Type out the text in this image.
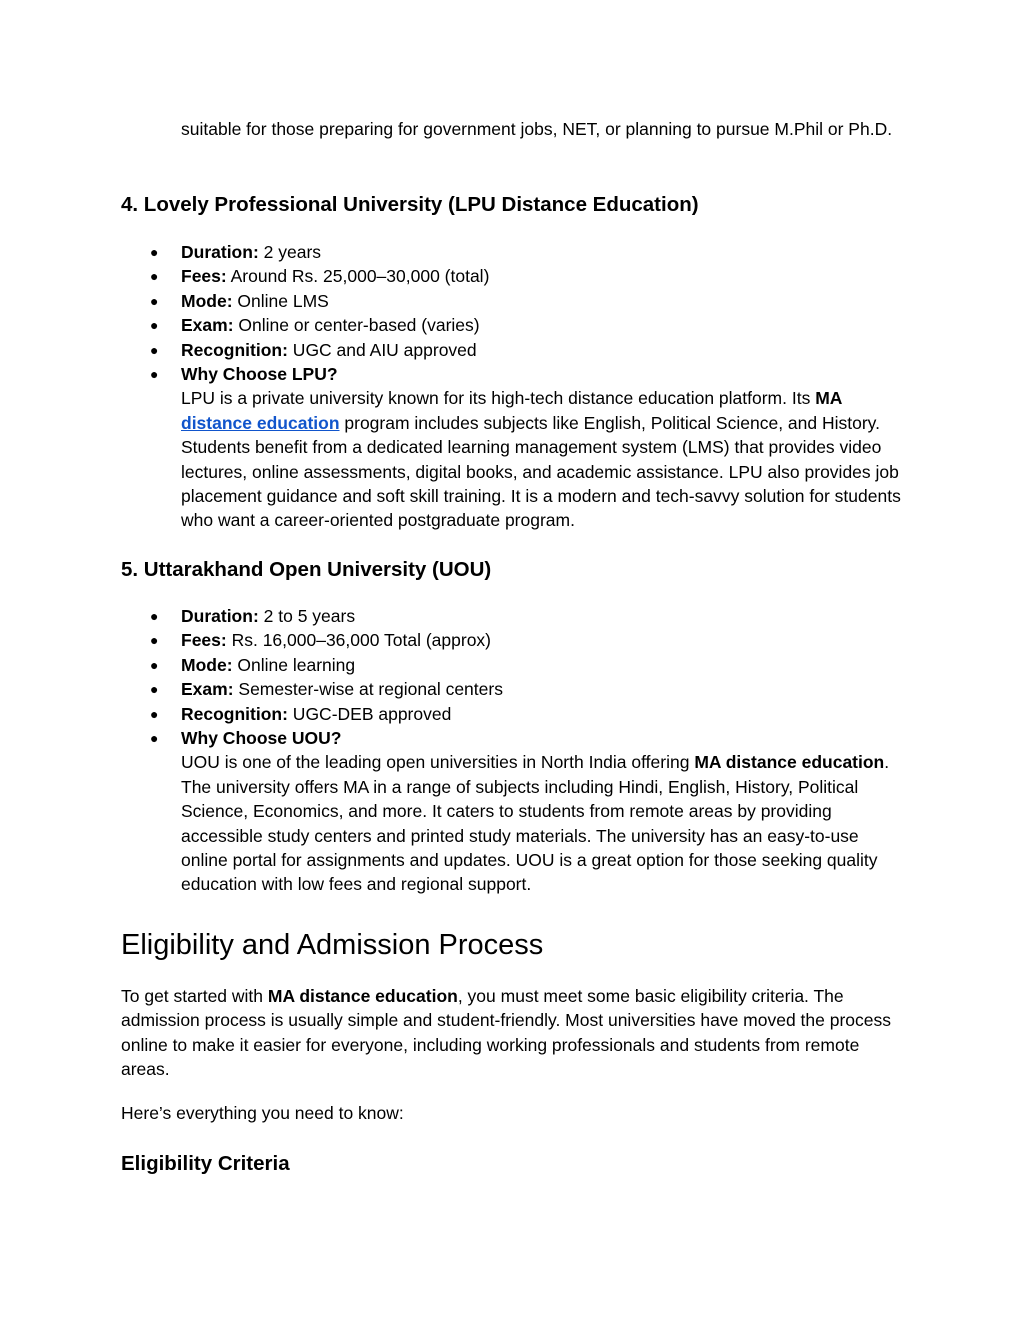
suitable for those preparing for government jobs, NET, or planning to pursue M.Phil or Ph.D.

4. Lovely Professional University (LPU Distance Education)
● Duration: 2 years
● Fees: Around Rs. 25,000–30,000 (total)
● Mode: Online LMS
● Exam: Online or center-based (varies)
● Recognition: UGC and AIU approved
● Why Choose LPU?
LPU is a private university known for its high-tech distance education platform. Its MA distance education program includes subjects like English, Political Science, and History. Students benefit from a dedicated learning management system (LMS) that provides video lectures, online assessments, digital books, and academic assistance. LPU also provides job placement guidance and soft skill training. It is a modern and tech-savvy solution for students who want a career-oriented postgraduate program.
5. Uttarakhand Open University (UOU)
● Duration: 2 to 5 years
● Fees: Rs. 16,000–36,000 Total (approx)
● Mode: Online learning
● Exam: Semester-wise at regional centers
● Recognition: UGC-DEB approved
● Why Choose UOU?
UOU is one of the leading open universities in North India offering MA distance education. The university offers MA in a range of subjects including Hindi, English, History, Political Science, Economics, and more. It caters to students from remote areas by providing accessible study centers and printed study materials. The university has an easy-to-use online portal for assignments and updates. UOU is a great option for those seeking quality education with low fees and regional support.
Eligibility and Admission Process

To get started with MA distance education, you must meet some basic eligibility criteria. The admission process is usually simple and student-friendly. Most universities have moved the process online to make it easier for everyone, including working professionals and students from remote areas.

Here’s everything you need to know:

Eligibility Criteria
